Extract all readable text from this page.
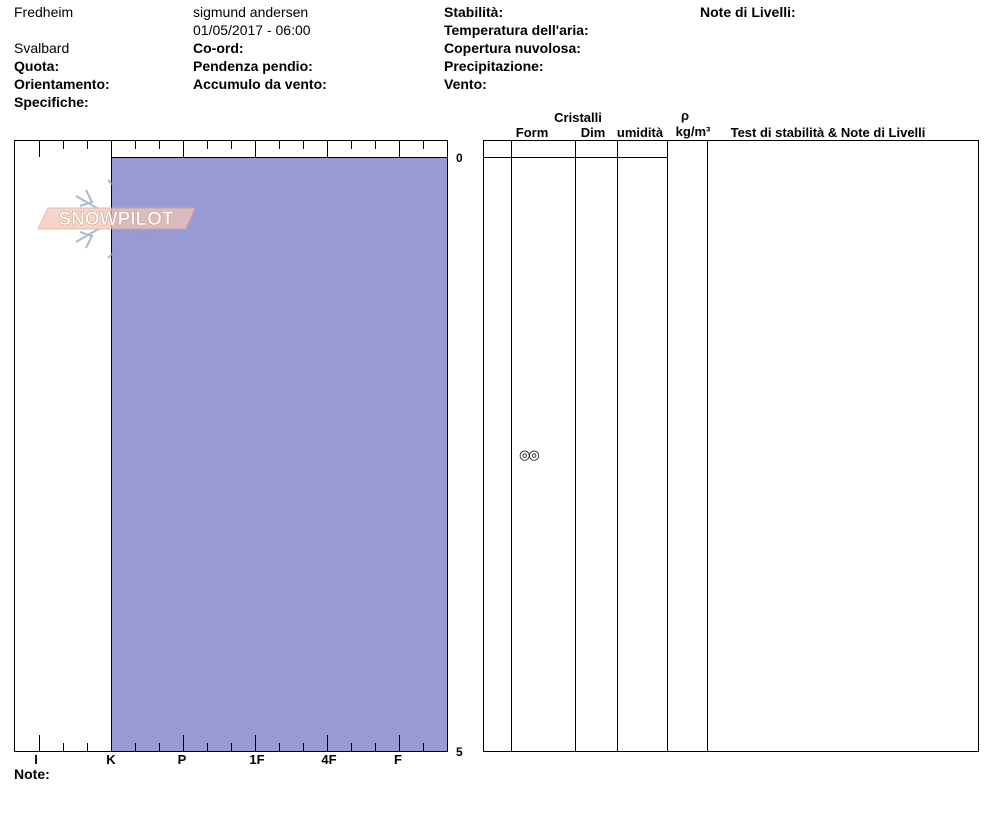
Fredheim
Svalbard
Quota:
Orientamento:
Specifiche:
sigmund andersen
01/05/2017 - 06:00
Co-ord:
Pendenza pendio:
Accumulo da vento:
Stabilità:
Temperatura dell'aria:
Copertura nuvolosa:
Precipitazione:
Vento:
Note di Livelli:
Cristalli
Form	Dim umidità
ρ
kg/m³	Test di stabilità & Note di Livelli
SNOWPILOT
0
5
I	K	P	1F	4F	F
Note:
◎◎
